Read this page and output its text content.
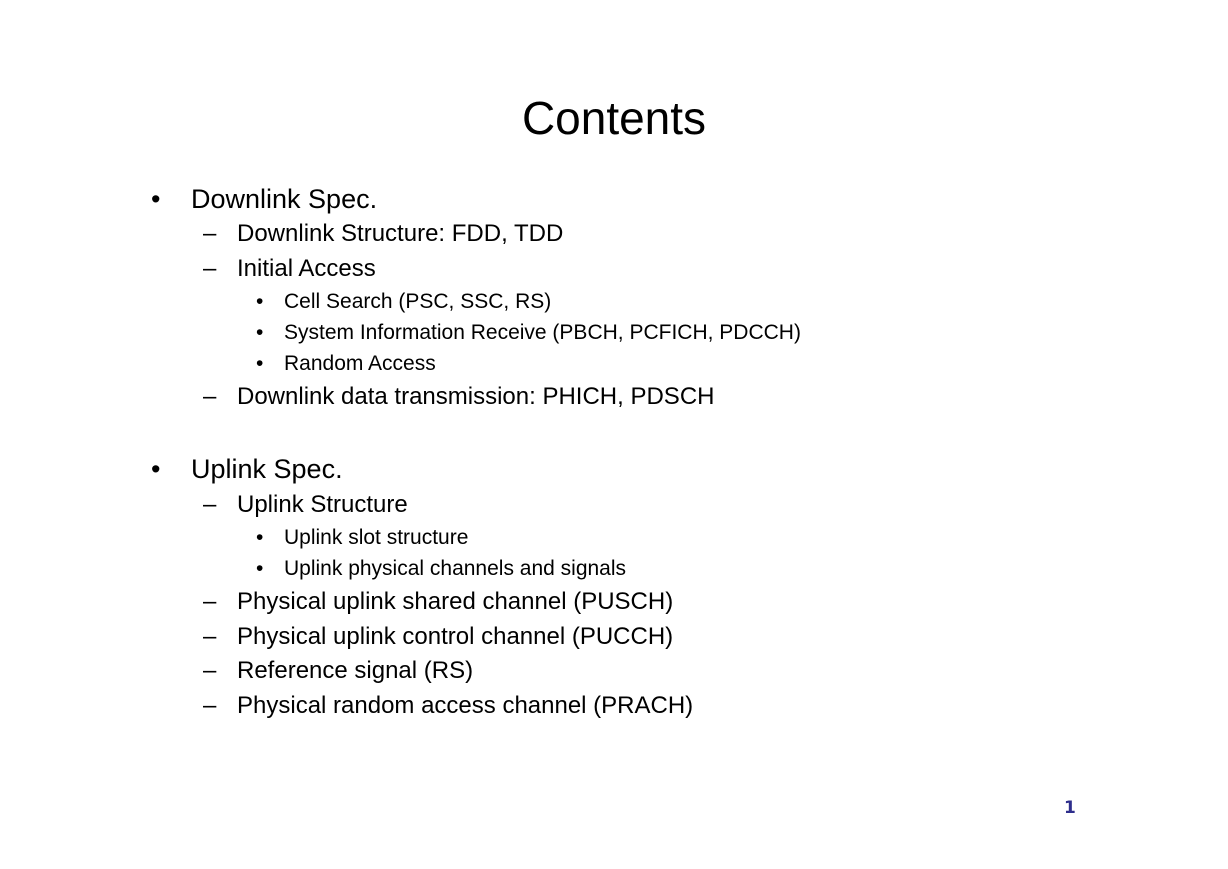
Contents
• Downlink Spec.
– Downlink Structure: FDD, TDD
– Initial Access
• Cell Search (PSC, SSC, RS)
• System Information Receive (PBCH, PCFICH, PDCCH)
• Random Access
– Downlink data transmission: PHICH, PDSCH
• Uplink Spec.
– Uplink Structure
• Uplink slot structure
• Uplink physical channels and signals
– Physical uplink shared channel (PUSCH)
– Physical uplink control channel (PUCCH)
– Reference signal (RS)
– Physical random access channel (PRACH)
1
